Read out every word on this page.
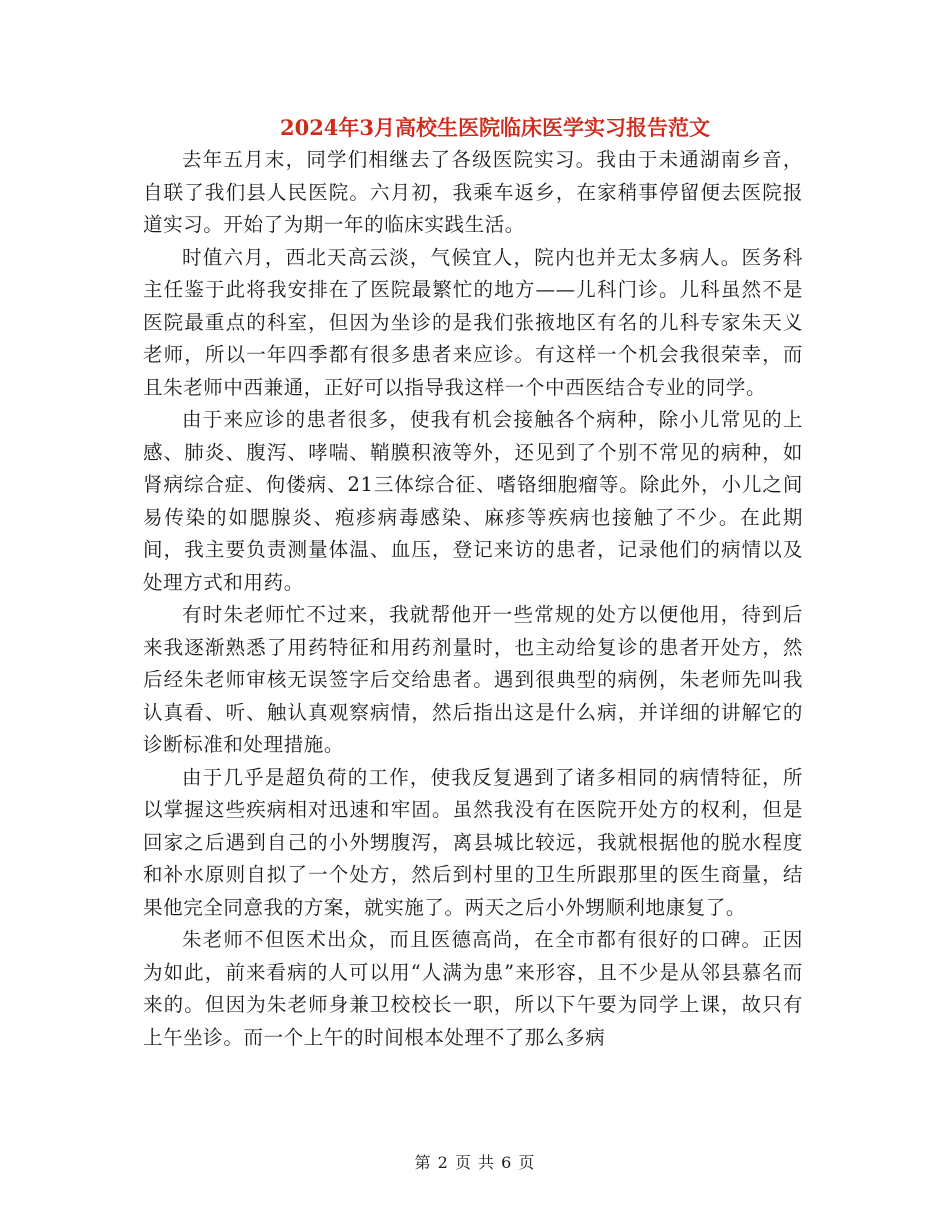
2024年3月高校生医院临床医学实习报告范文

去年五月末，同学们相继去了各级医院实习。我由于未通湖南乡音，自联了我们县人民医院。六月初，我乘车返乡，在家稍事停留便去医院报道实习。开始了为期一年的临床实践生活。

时值六月，西北天高云淡，气候宜人，院内也并无太多病人。医务科主任鉴于此将我安排在了医院最繁忙的地方——儿科门诊。儿科虽然不是医院最重点的科室，但因为坐诊的是我们张掖地区有名的儿科专家朱天义老师，所以一年四季都有很多患者来应诊。有这样一个机会我很荣幸，而且朱老师中西兼通，正好可以指导我这样一个中西医结合专业的同学。

由于来应诊的患者很多，使我有机会接触各个病种，除小儿常见的上感、肺炎、腹泻、哮喘、鞘膜积液等外，还见到了个别不常见的病种，如肾病综合症、佝偻病、21三体综合征、嗜铬细胞瘤等。除此外，小儿之间易传染的如腮腺炎、疱疹病毒感染、麻疹等疾病也接触了不少。在此期间，我主要负责测量体温、血压，登记来访的患者，记录他们的病情以及处理方式和用药。

有时朱老师忙不过来，我就帮他开一些常规的处方以便他用，待到后来我逐渐熟悉了用药特征和用药剂量时，也主动给复诊的患者开处方，然后经朱老师审核无误签字后交给患者。遇到很典型的病例，朱老师先叫我认真看、听、触认真观察病情，然后指出这是什么病，并详细的讲解它的诊断标准和处理措施。

由于几乎是超负荷的工作，使我反复遇到了诸多相同的病情特征，所以掌握这些疾病相对迅速和牢固。虽然我没有在医院开处方的权利，但是回家之后遇到自己的小外甥腹泻，离县城比较远，我就根据他的脱水程度和补水原则自拟了一个处方，然后到村里的卫生所跟那里的医生商量，结果他完全同意我的方案，就实施了。两天之后小外甥顺利地康复了。

朱老师不但医术出众，而且医德高尚，在全市都有很好的口碑。正因为如此，前来看病的人可以用“人满为患”来形容，且不少是从邻县慕名而来的。但因为朱老师身兼卫校校长一职，所以下午要为同学上课，故只有上午坐诊。而一个上午的时间根本处理不了那么多病

第 2 页 共 6 页
